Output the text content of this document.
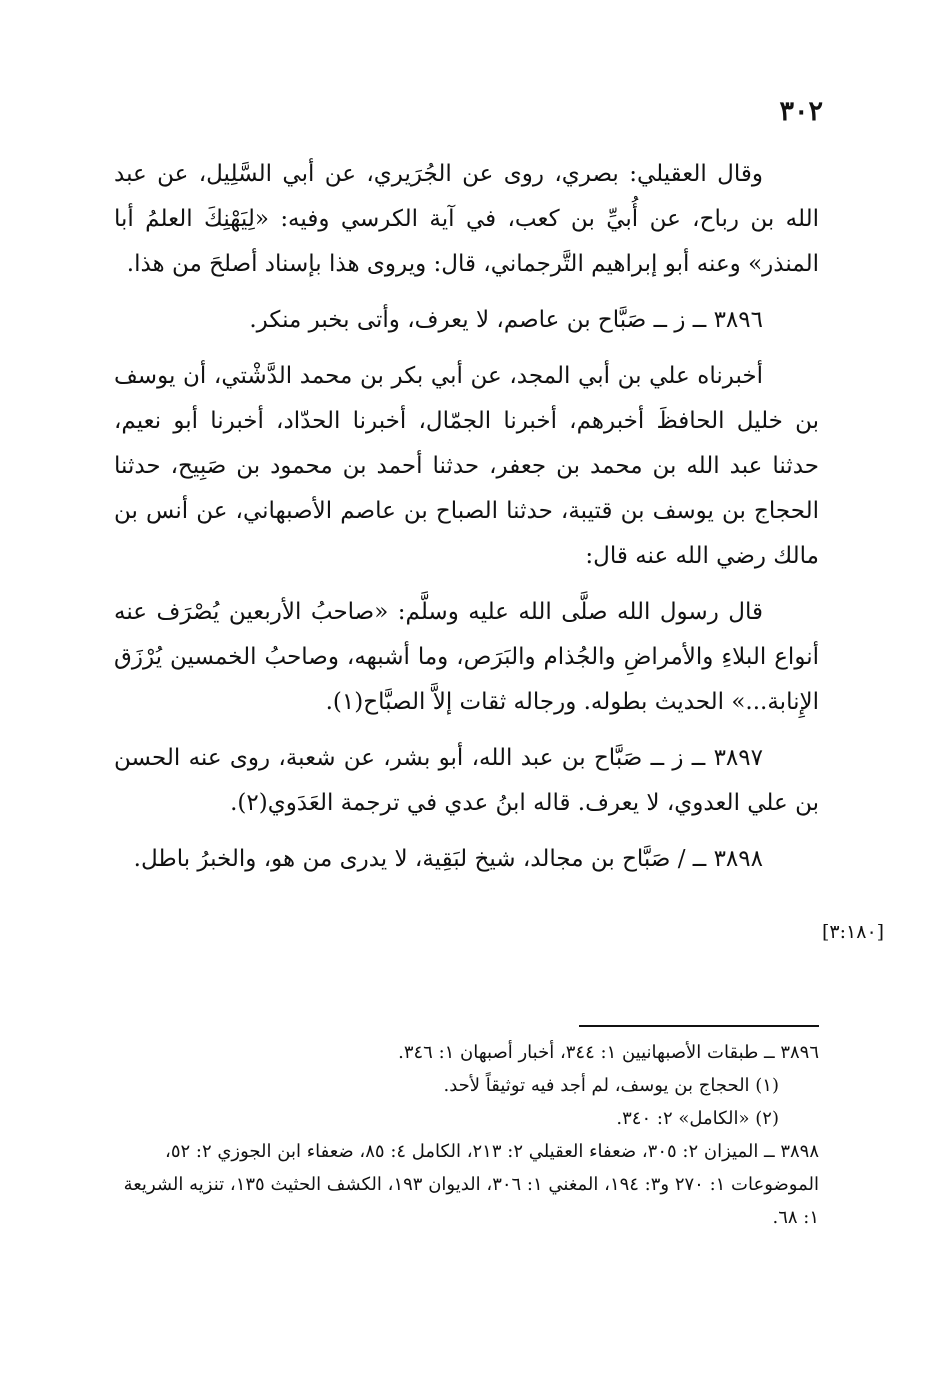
٣٠٢

وقال العقيلي: بصري، روى عن الجُرَيري، عن أبي السَّلِيل، عن عبد الله بن رباح، عن أُبيِّ بن كعب، في آية الكرسي وفيه: «لِيَهْنِكَ العلمُ أبا المنذر» وعنه أبو إبراهيم التَّرجماني، قال: ويروى هذا بإسناد أصلحَ من هذا.

٣٨٩٦ ــ ز ــ صَبَّاح بن عاصم، لا يعرف، وأتى بخبر منكر.

أخبرناه علي بن أبي المجد، عن أبي بكر بن محمد الدَّشْتي، أن يوسف بن خليل الحافظَ أخبرهم، أخبرنا الجمّال، أخبرنا الحدّاد، أخبرنا أبو نعيم، حدثنا عبد الله بن محمد بن جعفر، حدثنا أحمد بن محمود بن صَبِيح، حدثنا الحجاج بن يوسف بن قتيبة، حدثنا الصباح بن عاصم الأصبهاني، عن أنس بن مالك رضي الله عنه قال:

قال رسول الله صلَّى الله عليه وسلَّم: «صاحبُ الأربعين يُصْرَف عنه أنواع البلاءِ والأمراضِ والجُذام والبَرَص، وما أشبهه، وصاحبُ الخمسين يُرْزَق الإِنابة...» الحديث بطوله. ورجاله ثقات إلاَّ الصبَّاح(١).

٣٨٩٧ ــ ز ــ صَبَّاح بن عبد الله، أبو بشر، عن شعبة، روى عنه الحسن بن علي العدوي، لا يعرف. قاله ابنُ عدي في ترجمة العَدَوي(٢).

٣٨٩٨ ــ / صَبَّاح بن مجالد، شيخ لبَقِية، لا يدرى من هو، والخبرُ باطل.

[٣:١٨٠]

٣٨٩٦ ــ طبقات الأصبهانيين ١: ٣٤٤، أخبار أصبهان ١: ٣٤٦.

(١) الحجاج بن يوسف، لم أجد فيه توثيقاً لأحد.

(٢) «الكامل» ٢: ٣٤٠.

٣٨٩٨ ــ الميزان ٢: ٣٠٥، ضعفاء العقيلي ٢: ٢١٣، الكامل ٤: ٨٥، ضعفاء ابن الجوزي ٢: ٥٢، الموضوعات ١: ٢٧٠ و٣: ١٩٤، المغني ١: ٣٠٦، الديوان ١٩٣، الكشف الحثيث ١٣٥، تنزيه الشريعة ١: ٦٨.
